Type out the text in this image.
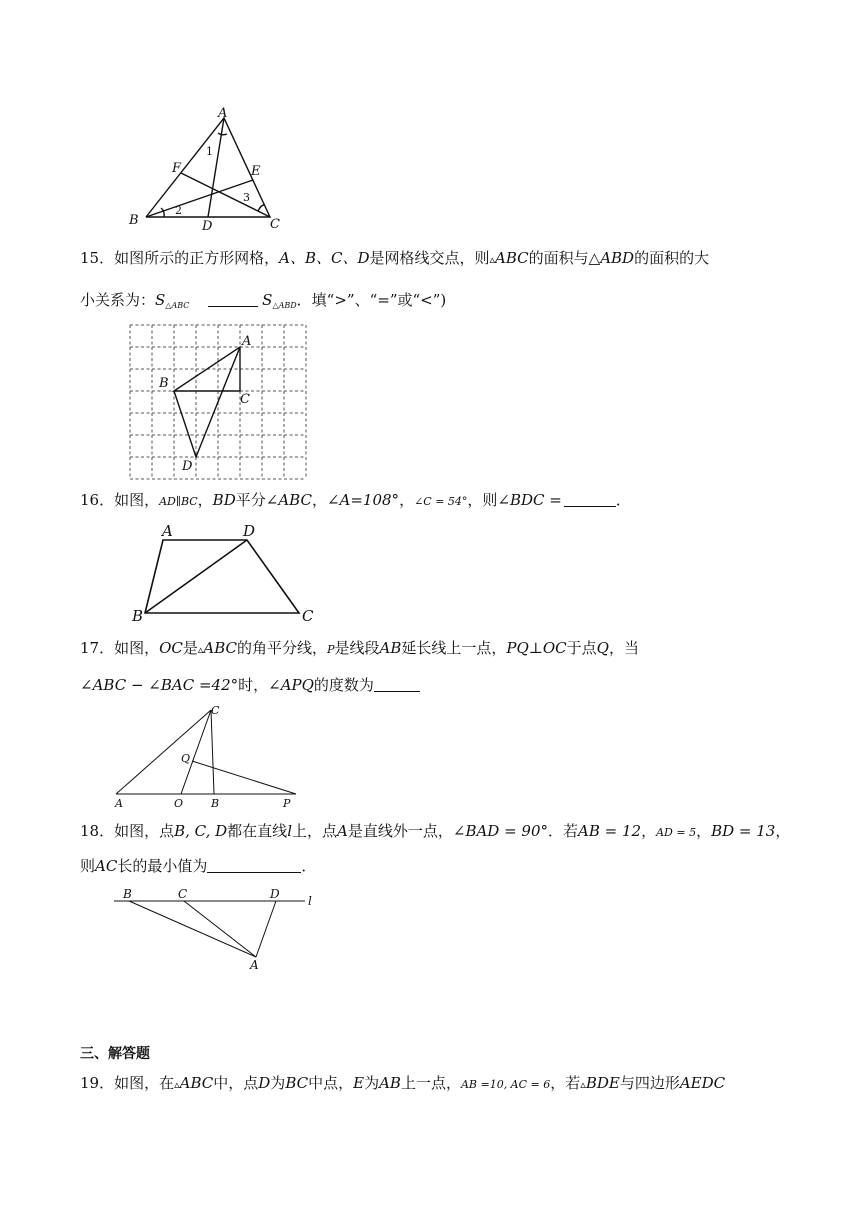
A
F	E
1
3
2
B	D	C
15．如图所示的正方形网格，A、B、C、D是网格线交点，则▵ABC的面积与△ABD的面积的大
小关系为：$S_{\triangle ABC}$	$S_{\triangle ABD}$．填“>”、“=”或“<”)
A
B
C
D
16．如图，AD∥BC，BD平分∠ABC，∠A=108°，∠C = 54°，则∠BDC =	．
A	D
B	C
17．如图，OC是▵ABC的角平分线，P是线段AB延长线上一点，PQ⊥OC于点Q，当
∠ABC − ∠BAC =42°时，∠APQ的度数为
C
Q
A	O	B	P
18．如图，点B, C, D都在直线l上，点A是直线外一点，∠BAD = 90°．若AB = 12，AD = 5，BD = 13，
则AC长的最小值为	．
B	C	D l
A
三、解答题
19．如图，在▵ABC中，点D为BC中点，E为AB上一点，AB =10, AC = 6，若▵BDE与四边形AEDC
